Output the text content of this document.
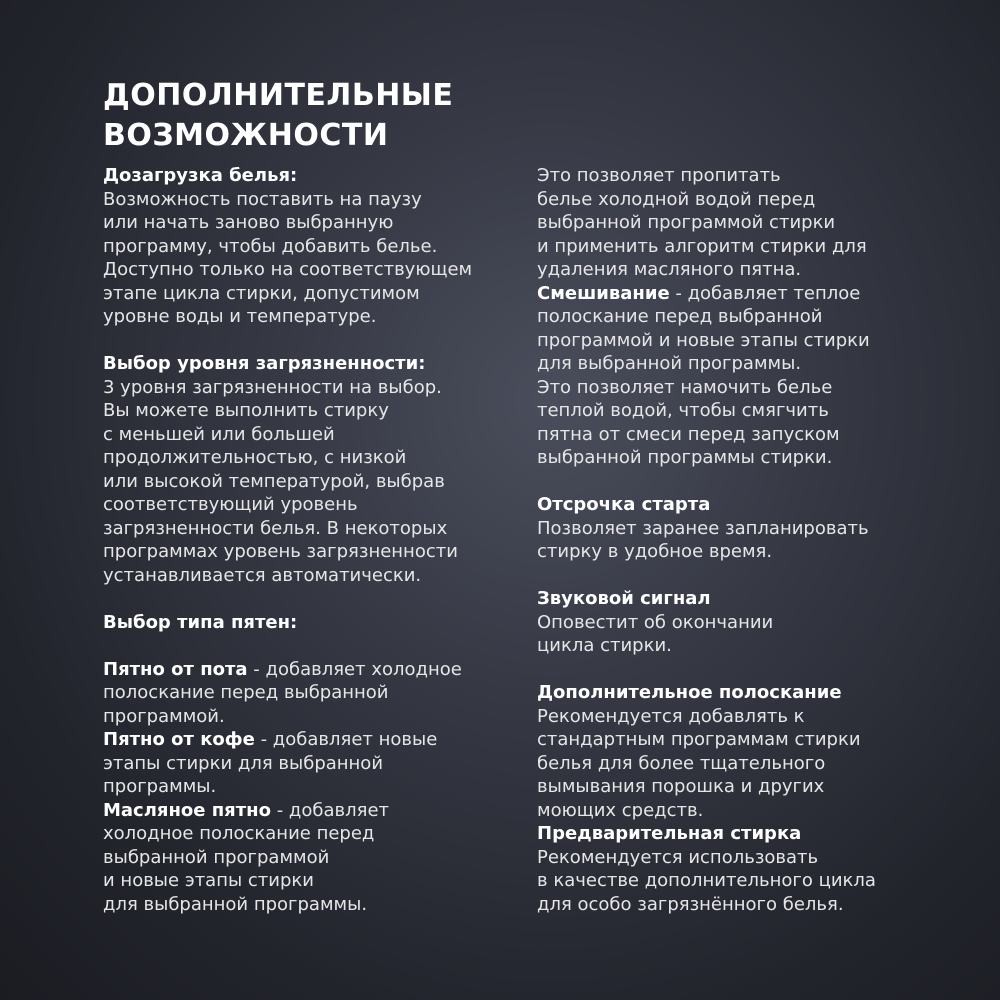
ДОПОЛНИТЕЛЬНЫЕ
ВОЗМОЖНОСТИ
Дозагрузка белья:
Возможность поставить на паузу
или начать заново выбранную
программу, чтобы добавить белье.
Доступно только на соответствующем
этапе цикла стирки, допустимом
уровне воды и температуре.
Выбор уровня загрязненности:
3 уровня загрязненности на выбор.
Вы можете выполнить стирку
с меньшей или большей
продолжительностью, с низкой
или высокой температурой, выбрав
соответствующий уровень
загрязненности белья. В некоторых
программах уровень загрязненности
устанавливается автоматически.
Выбор типа пятен:
Пятно от пота - добавляет холодное
полоскание перед выбранной
программой.
Пятно от кофе - добавляет новые
этапы стирки для выбранной
программы.
Масляное пятно - добавляет
холодное полоскание перед
выбранной программой
и новые этапы стирки
для выбранной программы.
Это позволяет пропитать
белье холодной водой перед
выбранной программой стирки
и применить алгоритм стирки для
удаления масляного пятна.
Смешивание - добавляет теплое
полоскание перед выбранной
программой и новые этапы стирки
для выбранной программы.
Это позволяет намочить белье
теплой водой, чтобы смягчить
пятна от смеси перед запуском
выбранной программы стирки.
Отсрочка старта
Позволяет заранее запланировать
стирку в удобное время.
Звуковой сигнал
Оповестит об окончании
цикла стирки.
Дополнительное полоскание
Рекомендуется добавлять к
стандартным программам стирки
белья для более тщательного
вымывания порошка и других
моющих средств.
Предварительная стирка
Рекомендуется использовать
в качестве дополнительного цикла
для особо загрязнённого белья.
